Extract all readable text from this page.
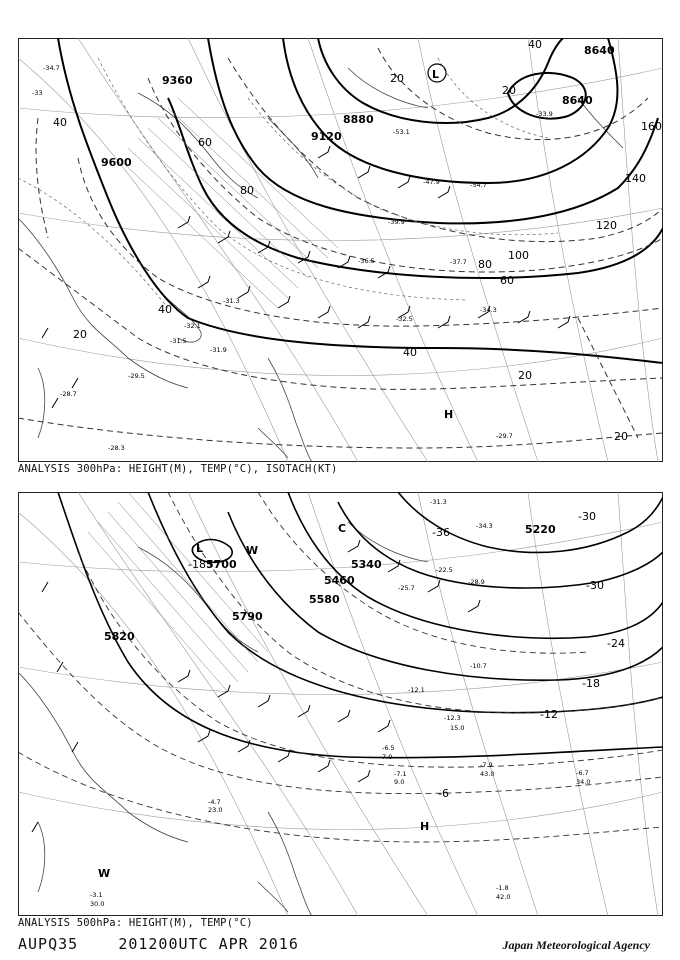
9600
9360
9120
8880
8640
8640
40
60
80
100
120
140
160
20
40
60
80
40
20
20
40
20
20
L
H
-34.7
-33
-31.3
-32.5
-34.3
-29.7
-28.3
-31.9
-32.1
-36.5	-37.7
-39.9
-47.9
-53.1
-54.7
-33.9
-31.5
-29.5
-28.7
ANALYSIS 300hPa: HEIGHT(M), TEMP(°C), ISOTACH(KT)
5700
5790
5820
5580
5460
5340
5220
-18
-36
-30
-30
-24
-18
-12
-6
L	W
C
H
W
-6.7
34.0
-7.9
43.0
-7.1
9.0
-6.5
7.0
-4.7
23.0
-1.8
42.0
-3.1
30.0
-22.5
-25.7
-28.9
-31.3
-34.3
-12.1
-12.3
-10.7
15.0
ANALYSIS 500hPa: HEIGHT(M), TEMP(°C)
AUPQ35	201200UTC APR 2016	Japan Meteorological Agency
